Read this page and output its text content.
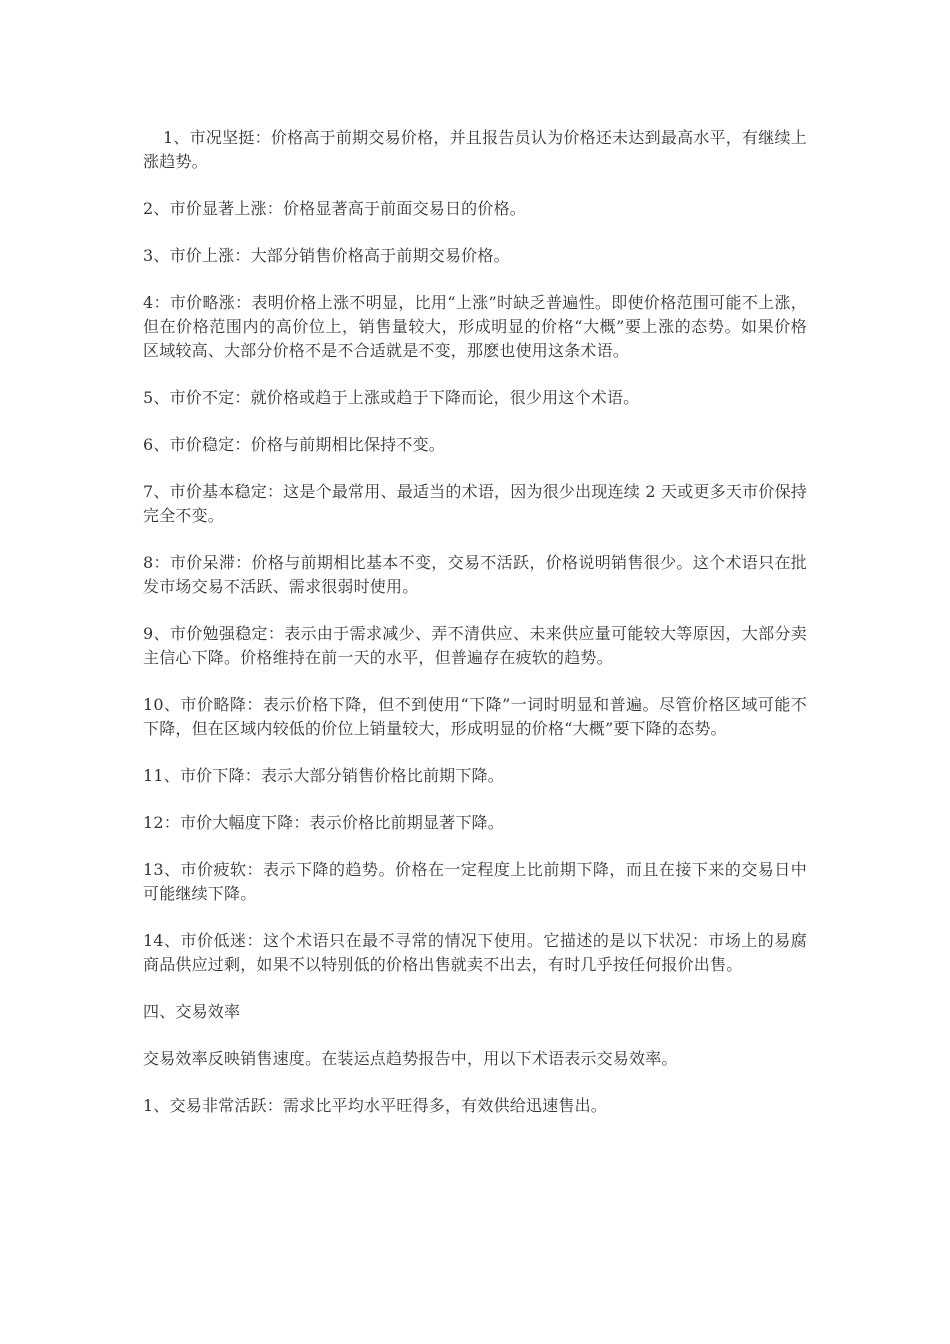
1、市况坚挺：价格高于前期交易价格，并且报告员认为价格还未达到最高水平，有继续上涨趋势。

2、市价显著上涨：价格显著高于前面交易日的价格。

3、市价上涨：大部分销售价格高于前期交易价格。

4：市价略涨：表明价格上涨不明显，比用“上涨”时缺乏普遍性。即使价格范围可能不上涨，但在价格范围内的高价位上，销售量较大，形成明显的价格“大概”要上涨的态势。如果价格区域较高、大部分价格不是不合适就是不变，那麽也使用这条术语。

5、市价不定：就价格或趋于上涨或趋于下降而论，很少用这个术语。

6、市价稳定：价格与前期相比保持不变。

7、市价基本稳定：这是个最常用、最适当的术语，因为很少出现连续 2 天或更多天市价保持完全不变。

8：市价呆滞：价格与前期相比基本不变，交易不活跃，价格说明销售很少。这个术语只在批发市场交易不活跃、需求很弱时使用。

9、市价勉强稳定：表示由于需求减少、弄不清供应、未来供应量可能较大等原因，大部分卖主信心下降。价格维持在前一天的水平，但普遍存在疲软的趋势。

10、市价略降：表示价格下降，但不到使用“下降”一词时明显和普遍。尽管价格区域可能不下降，但在区域内较低的价位上销量较大，形成明显的价格“大概”要下降的态势。

11、市价下降：表示大部分销售价格比前期下降。

12：市价大幅度下降：表示价格比前期显著下降。

13、市价疲软：表示下降的趋势。价格在一定程度上比前期下降，而且在接下来的交易日中可能继续下降。

14、市价低迷：这个术语只在最不寻常的情况下使用。它描述的是以下状况：市场上的易腐商品供应过剩，如果不以特别低的价格出售就卖不出去，有时几乎按任何报价出售。

四、交易效率

交易效率反映销售速度。在装运点趋势报告中，用以下术语表示交易效率。

1、交易非常活跃：需求比平均水平旺得多，有效供给迅速售出。
